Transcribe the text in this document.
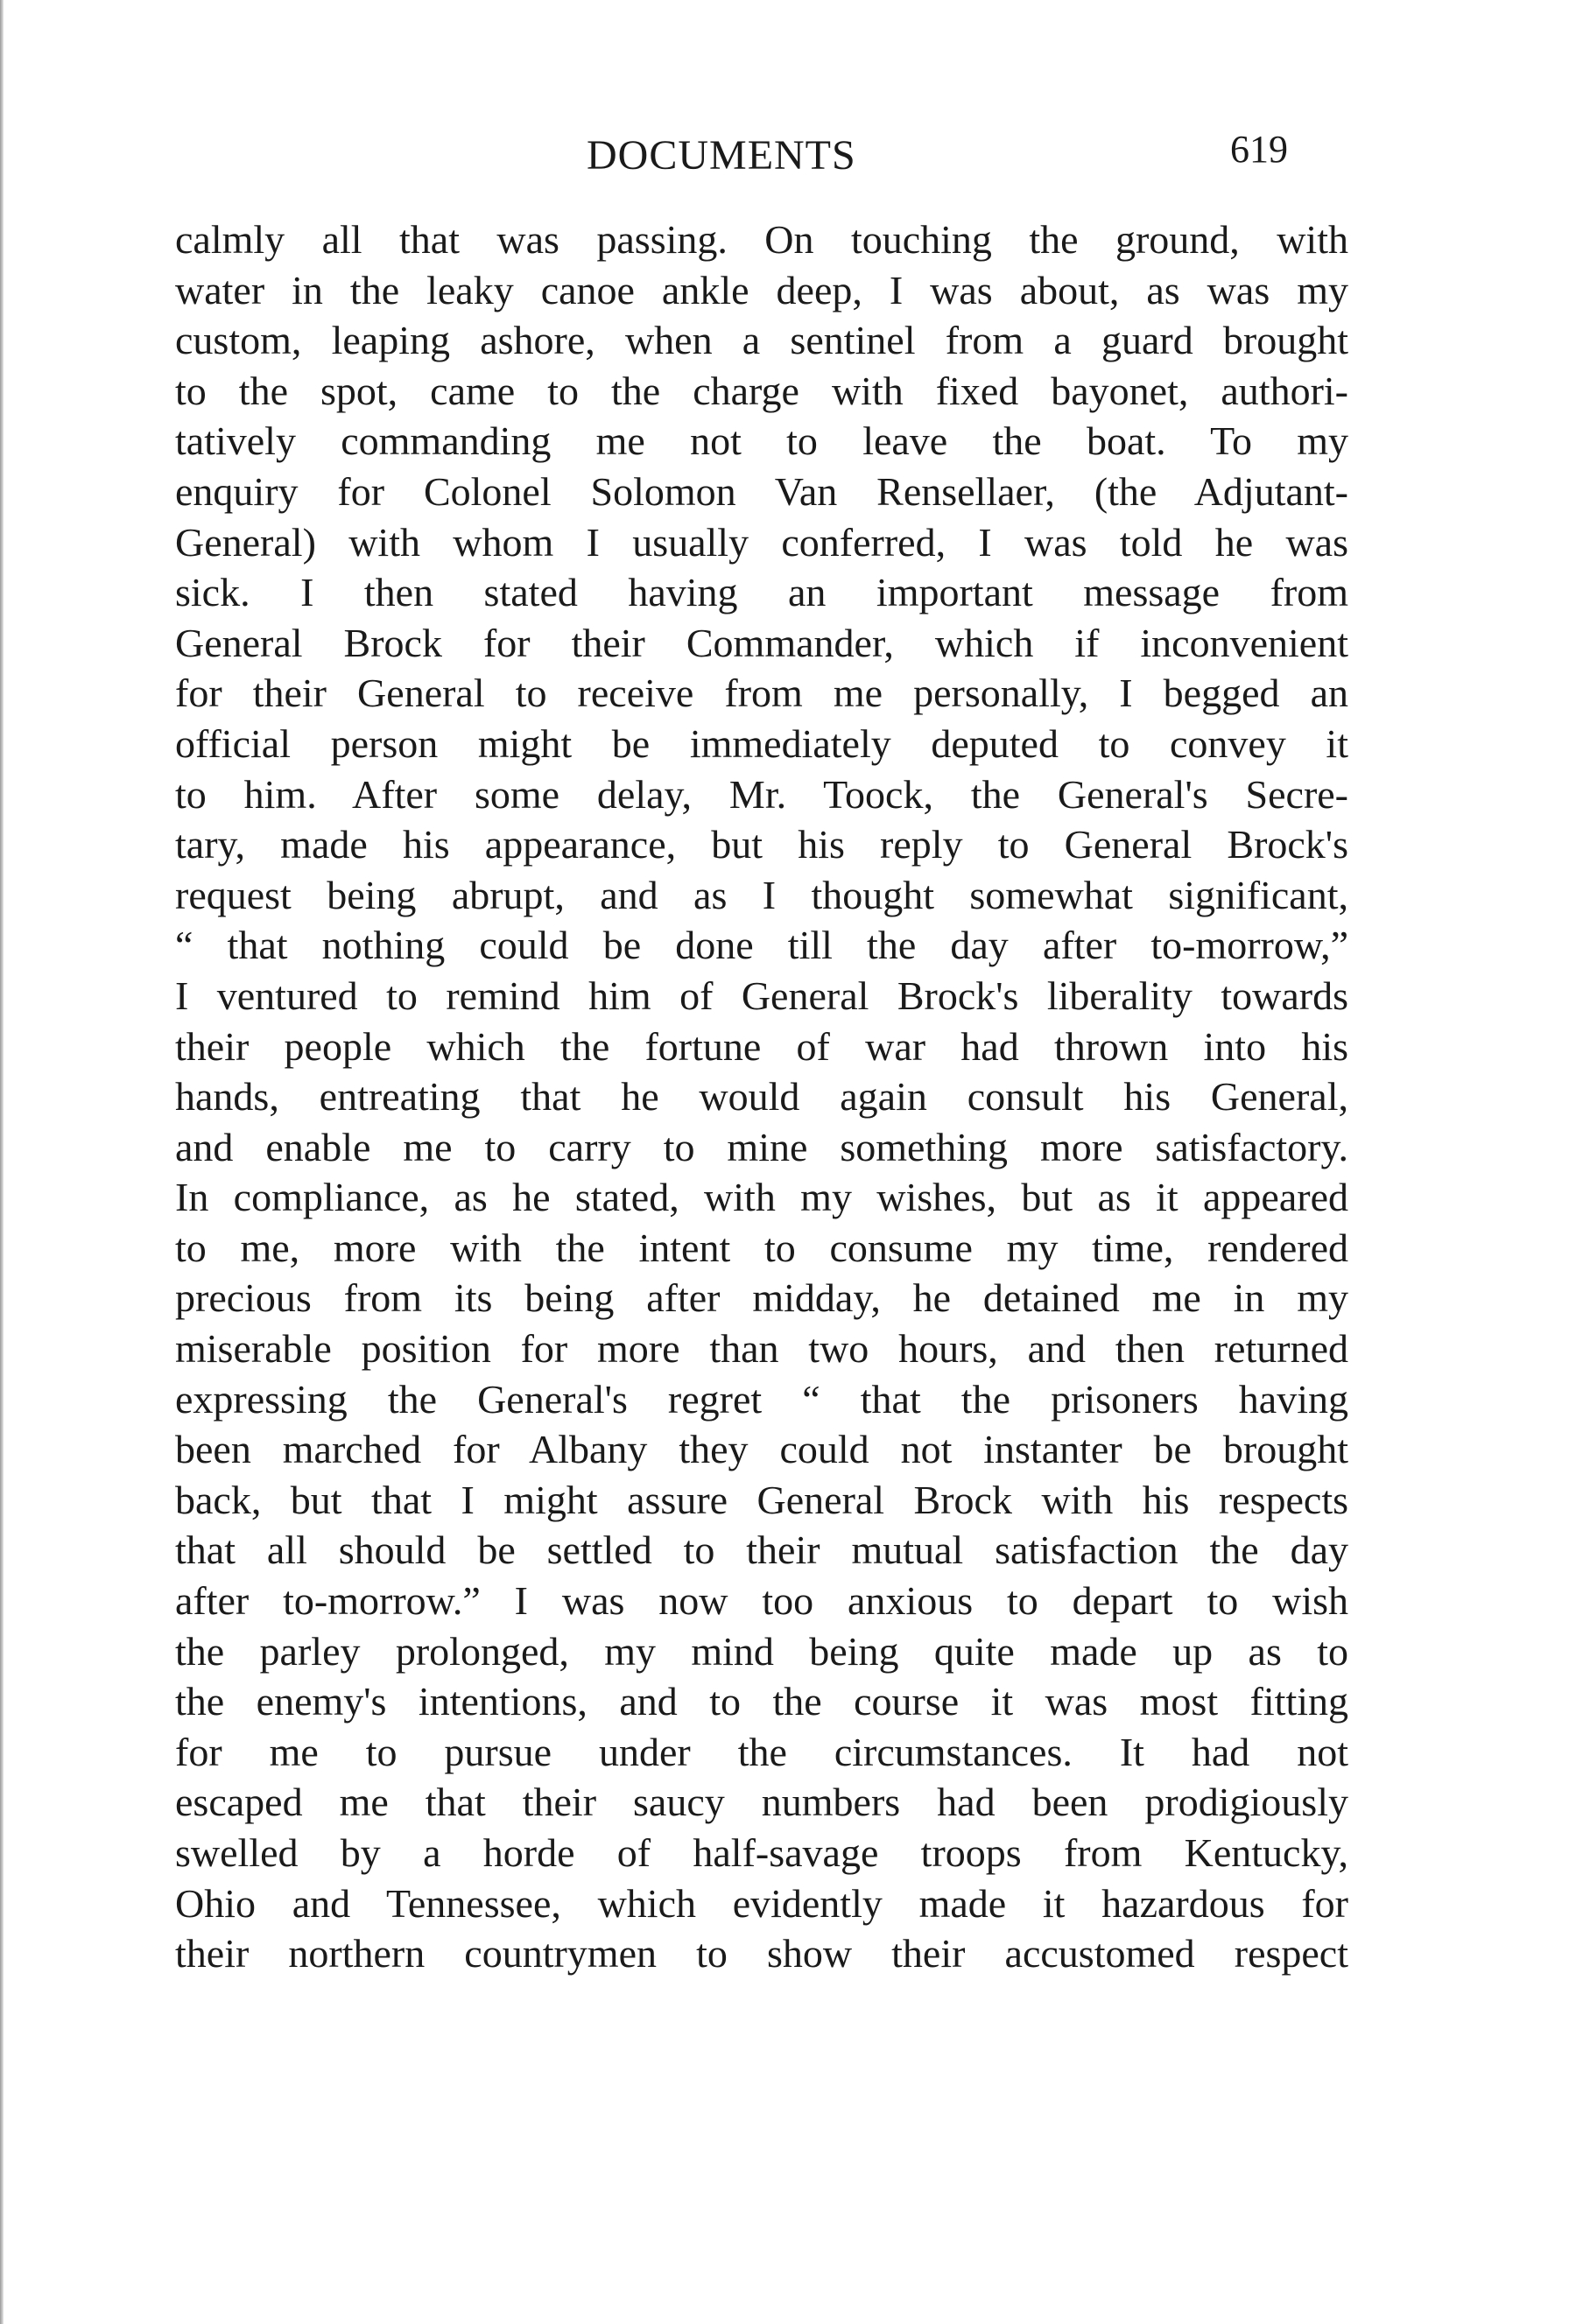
DOCUMENTS	619
calmly all that was passing. On touching the ground, with
water in the leaky canoe ankle deep, I was about, as was my
custom, leaping ashore, when a sentinel from a guard brought
to the spot, came to the charge with fixed bayonet, authori-
tatively commanding me not to leave the boat. To my
enquiry for Colonel Solomon Van Rensellaer, (the Adjutant-
General) with whom I usually conferred, I was told he was
sick. I then stated having an important message from
General Brock for their Commander, which if inconvenient
for their General to receive from me personally, I begged an
official person might be immediately deputed to convey it
to him. After some delay, Mr. Toock, the General's Secre-
tary, made his appearance, but his reply to General Brock's
request being abrupt, and as I thought somewhat significant,
“ that nothing could be done till the day after to-morrow,”
I ventured to remind him of General Brock's liberality towards
their people which the fortune of war had thrown into his
hands, entreating that he would again consult his General,
and enable me to carry to mine something more satisfactory.
In compliance, as he stated, with my wishes, but as it appeared
to me, more with the intent to consume my time, rendered
precious from its being after midday, he detained me in my
miserable position for more than two hours, and then returned
expressing the General's regret “ that the prisoners having
been marched for Albany they could not instanter be brought
back, but that I might assure General Brock with his respects
that all should be settled to their mutual satisfaction the day
after to-morrow.” I was now too anxious to depart to wish
the parley prolonged, my mind being quite made up as to
the enemy's intentions, and to the course it was most fitting
for me to pursue under the circumstances. It had not
escaped me that their saucy numbers had been prodigiously
swelled by a horde of half-savage troops from Kentucky,
Ohio and Tennessee, which evidently made it hazardous for
their northern countrymen to show their accustomed respect
